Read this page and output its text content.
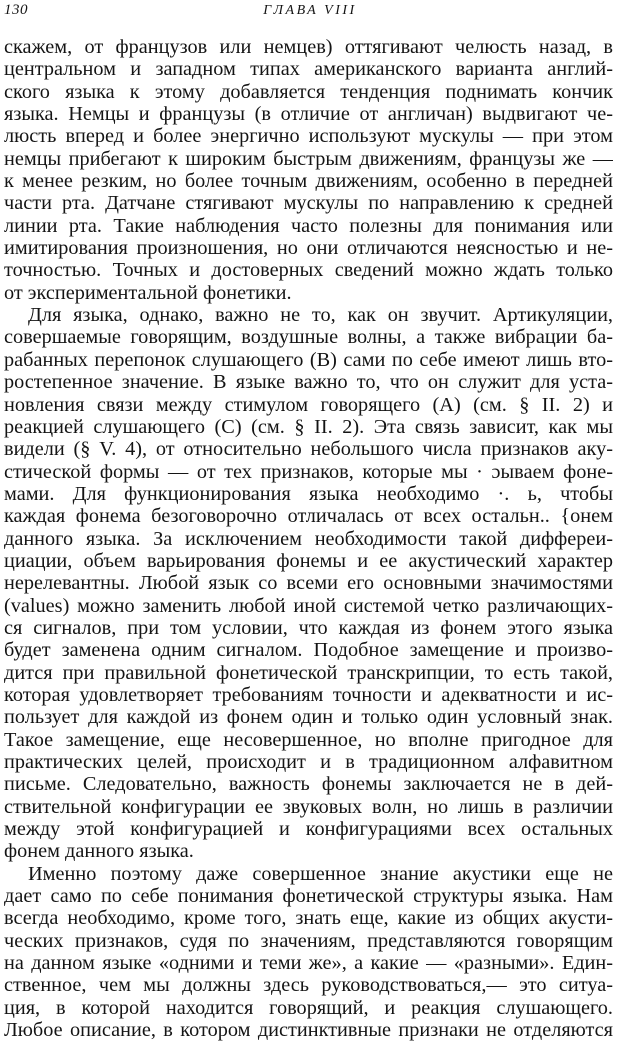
130	ГЛАВА VIII
скажем, от французов или немцев) оттягивают челюсть назад, в
центральном и западном типах американского варианта англий-
ского языка к этому добавляется тенденция поднимать кончик
языка. Немцы и французы (в отличие от англичан) выдвигают че-
люсть вперед и более энергично используют мускулы — при этом
немцы прибегают к широким быстрым движениям, французы же —
к менее резким, но более точным движениям, особенно в передней
части рта. Датчане стягивают мускулы по направлению к средней
линии рта. Такие наблюдения часто полезны для понимания или
имитирования произношения, но они отличаются неясностью и не-
точностью. Точных и достоверных сведений можно ждать только
от экспериментальной фонетики.
Для языка, однако, важно не то, как он звучит. Артикуляции,
совершаемые говорящим, воздушные волны, а также вибрации ба-
рабанных перепонок слушающего (В) сами по себе имеют лишь вто-
ростепенное значение. В языке важно то, что он служит для уста-
новления связи между стимулом говорящего (А) (см. § II. 2) и
реакцией слушающего (С) (см. § II. 2). Эта связь зависит, как мы
видели (§ V. 4), от относительно небольшого числа признаков аку-
стической формы — от тех признаков, которые мы · ɔывaeм фоне-
мами. Для функционирования языка необходимо ·. ь, чтобы
каждая фонема безоговорочно отличалась от всех остальн.. {онем
данного языка. За исключением необходимости такой диффереи-
циации, объем варьирования фонемы и ее акустический характер
нерелевантны. Любой язык со всеми его основными значимостями
(values) можно заменить любой иной системой четко различающих-
ся сигналов, при том условии, что каждая из фонем этого языка
будет заменена одним сигналом. Подобное замещение и произво-
дится при правильной фонетической транскрипции, то есть такой,
которая удовлетворяет требованиям точности и адекватности и ис-
пользует для каждой из фонем один и только один условный знак.
Такое замещение, еще несовершенное, но вполне пригодное для
практических целей, происходит и в традиционном алфавитном
письме. Следовательно, важность фонемы заключается не в дей-
ствительной конфигурации ее звуковых волн, но лишь в различии
между этой конфигурацией и конфигурациями всех остальных
фонем данного языка.
Именно поэтому даже совершенное знание акустики еще не
дает само по себе понимания фонетической структуры языка. Нам
всегда необходимо, кроме того, знать еще, какие из общих акусти-
ческих признаков, судя по значениям, представляются говорящим
на данном языке «одними и теми же», а какие — «разными». Един-
ственное, чем мы должны здесь руководствоваться,— это ситуа-
ция, в которой находится говорящий, и реакция слушающего.
Любое описание, в котором дистинктивные признаки не отделяются
